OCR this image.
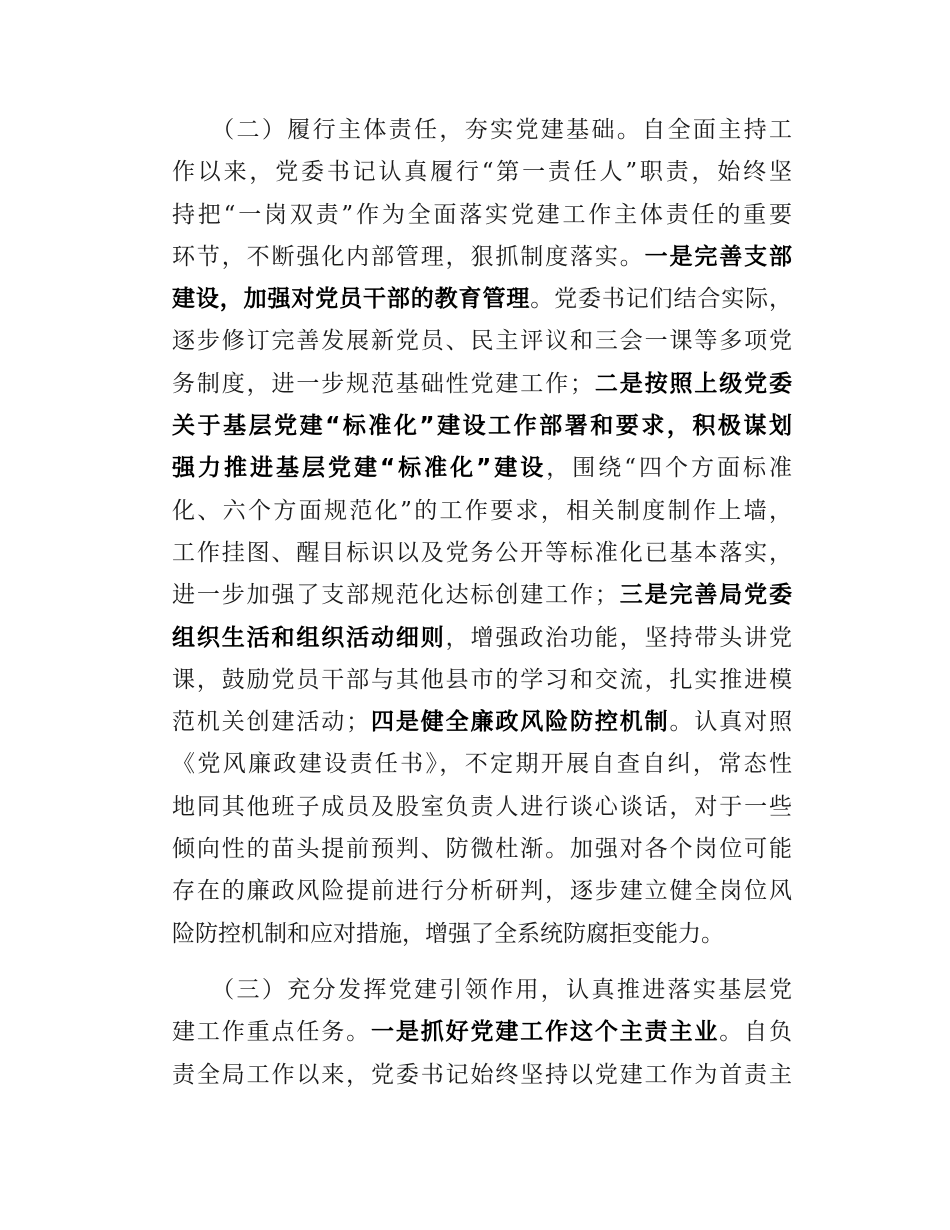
　　（二）履行主体责任，夯实党建基础。自全面主持工
作以来，党委书记认真履行“第一责任人”职责，始终坚
持把“一岗双责”作为全面落实党建工作主体责任的重要
环节，不断强化内部管理，狠抓制度落实。一是完善支部
建设，加强对党员干部的教育管理。党委书记们结合实际，
逐步修订完善发展新党员、民主评议和三会一课等多项党
务制度，进一步规范基础性党建工作；二是按照上级党委
关于基层党建“标准化”建设工作部署和要求，积极谋划
强力推进基层党建“标准化”建设，围绕“四个方面标准
化、六个方面规范化”的工作要求，相关制度制作上墙，
工作挂图、醒目标识以及党务公开等标准化已基本落实，
进一步加强了支部规范化达标创建工作；三是完善局党委
组织生活和组织活动细则，增强政治功能，坚持带头讲党
课，鼓励党员干部与其他县市的学习和交流，扎实推进模
范机关创建活动；四是健全廉政风险防控机制。认真对照
《党风廉政建设责任书》，不定期开展自查自纠，常态性
地同其他班子成员及股室负责人进行谈心谈话，对于一些
倾向性的苗头提前预判、防微杜渐。加强对各个岗位可能
存在的廉政风险提前进行分析研判，逐步建立健全岗位风
险防控机制和应对措施，增强了全系统防腐拒变能力。
　　（三）充分发挥党建引领作用，认真推进落实基层党
建工作重点任务。一是抓好党建工作这个主责主业。自负
责全局工作以来，党委书记始终坚持以党建工作为首责主
